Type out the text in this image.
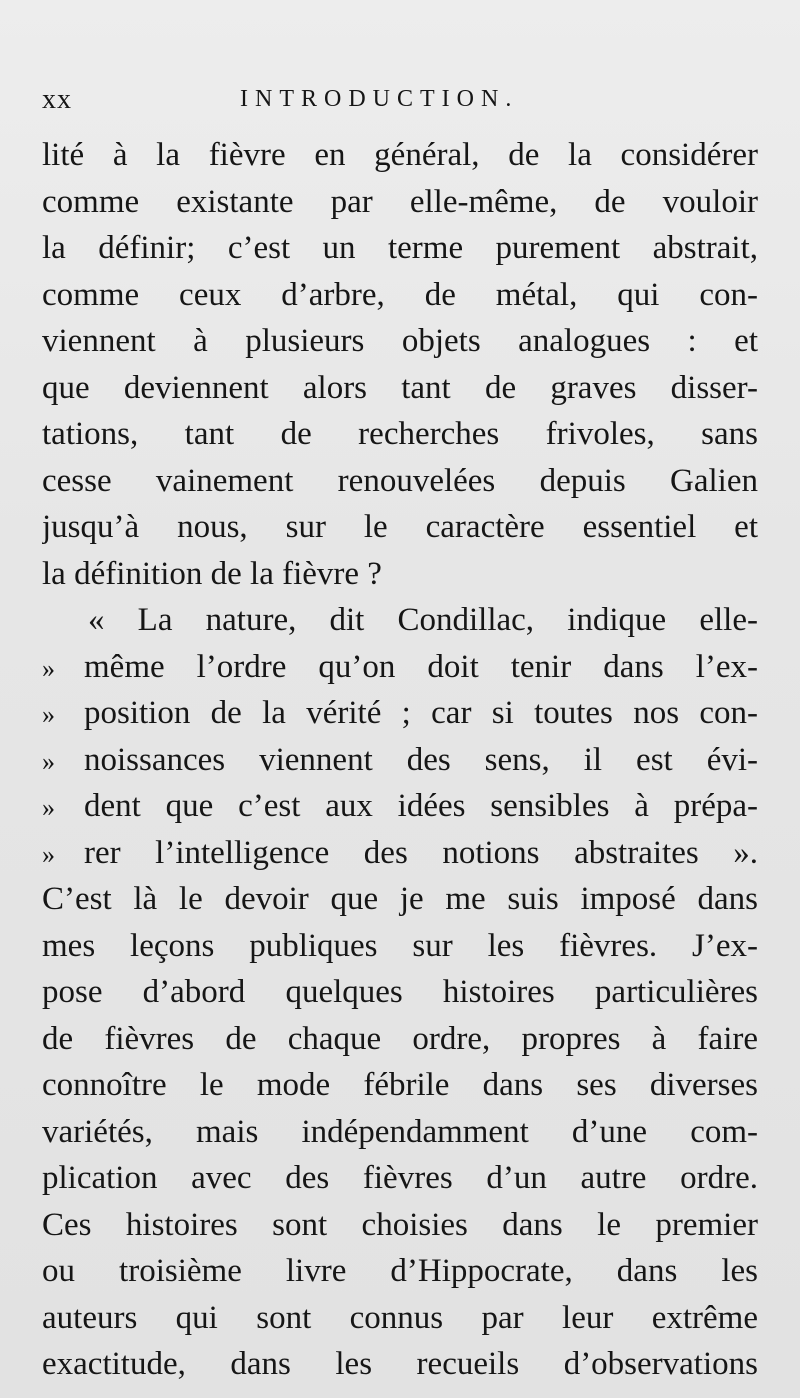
xx	INTRODUCTION.
lité à la fièvre en général, de la considérer
comme existante par elle-même, de vouloir
la définir; c’est un terme purement abstrait,
comme ceux d’arbre, de métal, qui con-
viennent à plusieurs objets analogues : et
que deviennent alors tant de graves disser-
tations, tant de recherches frivoles, sans
cesse vainement renouvelées depuis Galien
jusqu’à nous, sur le caractère essentiel et
la définition de la fièvre ?
« La nature, dit Condillac, indique elle-
» même l’ordre qu’on doit tenir dans l’ex-
» position de la vérité ; car si toutes nos con-
» noissances viennent des sens, il est évi-
» dent que c’est aux idées sensibles à prépa-
» rer l’intelligence des notions abstraites ».
C’est là le devoir que je me suis imposé dans
mes leçons publiques sur les fièvres. J’ex-
pose d’abord quelques histoires particulières
de fièvres de chaque ordre, propres à faire
connoître le mode fébrile dans ses diverses
variétés, mais indépendamment d’une com-
plication avec des fièvres d’un autre ordre.
Ces histoires sont choisies dans le premier
ou troisième livre d’Hippocrate, dans les
auteurs qui sont connus par leur extrême
exactitude, dans les recueils d’observations
